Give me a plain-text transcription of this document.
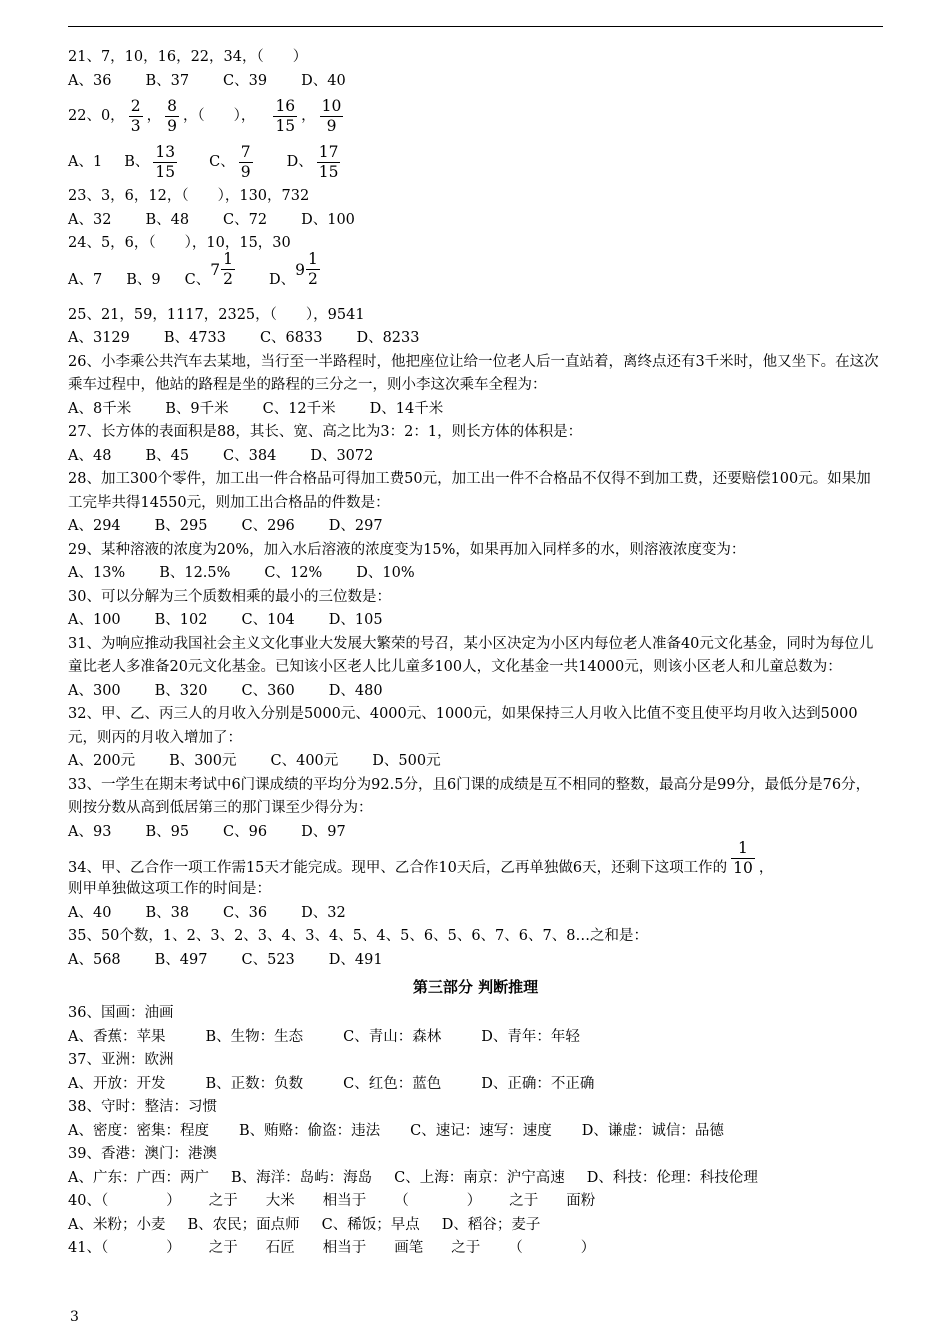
21、7，10，16，22，34，（　　）
A、36 B、37 C、39 D、40
22、0， $\frac{2}{3}$ ， $\frac{8}{9}$ ，（　　）， $\frac{16}{15}$ ， $\frac{10}{9}$
A、1 B、 $\frac{13}{15}$ C、 $\frac{7}{9}$ D、 $\frac{17}{15}$
23、3，6，12，（　　），130，732
A、32 B、48 C、72 D、100
24、5，6，（　　），10，15，30
A、7 B、9 C、$7 \frac{1}{2}$ D、$9 \frac{1}{2}$
25、21，59，1117，2325，（　　），9541
A、3129 B、4733 C、6833 D、8233
26、小李乘公共汽车去某地，当行至一半路程时，他把座位让给一位老人后一直站着，离终点还有3千米时，他又坐下。在这次乘车过程中，他站的路程是坐的路程的三分之一，则小李这次乘车全程为：
A、8千米 B、9千米 C、12千米 D、14千米
27、长方体的表面积是88，其长、宽、高之比为3：2：1，则长方体的体积是：
A、48 B、45 C、384 D、3072
28、加工300个零件，加工出一件合格品可得加工费50元，加工出一件不合格品不仅得不到加工费，还要赔偿100元。如果加工完毕共得14550元，则加工出合格品的件数是：
A、294 B、295 C、296 D、297
29、某种溶液的浓度为20%，加入水后溶液的浓度变为15%，如果再加入同样多的水，则溶液浓度变为：
A、13% B、12.5% C、12% D、10%
30、可以分解为三个质数相乘的最小的三位数是：
A、100 B、102 C、104 D、105
31、为响应推动我国社会主义文化事业大发展大繁荣的号召，某小区决定为小区内每位老人准备40元文化基金，同时为每位儿童比老人多准备20元文化基金。已知该小区老人比儿童多100人，文化基金一共14000元，则该小区老人和儿童总数为：
A、300 B、320 C、360 D、480
32、甲、乙、丙三人的月收入分别是5000元、4000元、1000元，如果保持三人月收入比值不变且使平均月收入达到5000元，则丙的月收入增加了：
A、200元 B、300元 C、400元 D、500元
33、一学生在期末考试中6门课成绩的平均分为92.5分，且6门课的成绩是互不相同的整数，最高分是99分，最低分是76分，则按分数从高到低居第三的那门课至少得分为：
A、93 B、95 C、96 D、97
34、甲、乙合作一项工作需15天才能完成。现甲、乙合作10天后，乙再单独做6天，还剩下这项工作的 $\frac{1}{10}$ ，
则甲单独做这项工作的时间是：
A、40 B、38 C、36 D、32
35、50个数，1、2、3、2、3、4、3、4、5、4、5、6、5、6、7、6、7、8…之和是：
A、568 B、497 C、523 D、491
第三部分 判断推理
36、国画：油画
A、香蕉：苹果	B、生物：生态	C、青山：森林	D、青年：年轻
37、亚洲：欧洲
A、开放：开发	B、正数：负数	C、红色：蓝色	D、正确：不正确
38、守时：整洁：习惯
A、密度：密集：程度 B、贿赂：偷盗：违法 C、速记：速写：速度 D、谦虚：诚信：品德
39、香港：澳门：港澳
A、广东：广西：两广 B、海洋：岛屿：海岛 C、上海：南京：沪宁高速 D、科技：伦理：科技伦理
40、（　　　　） 之于 大米 相当于 （　　　　） 之于 面粉
A、米粉；小麦 B、农民；面点师 C、稀饭；早点 D、稻谷；麦子
41、（　　　　） 之于 石匠 相当于 画笔 之于 （　　　　）
3
